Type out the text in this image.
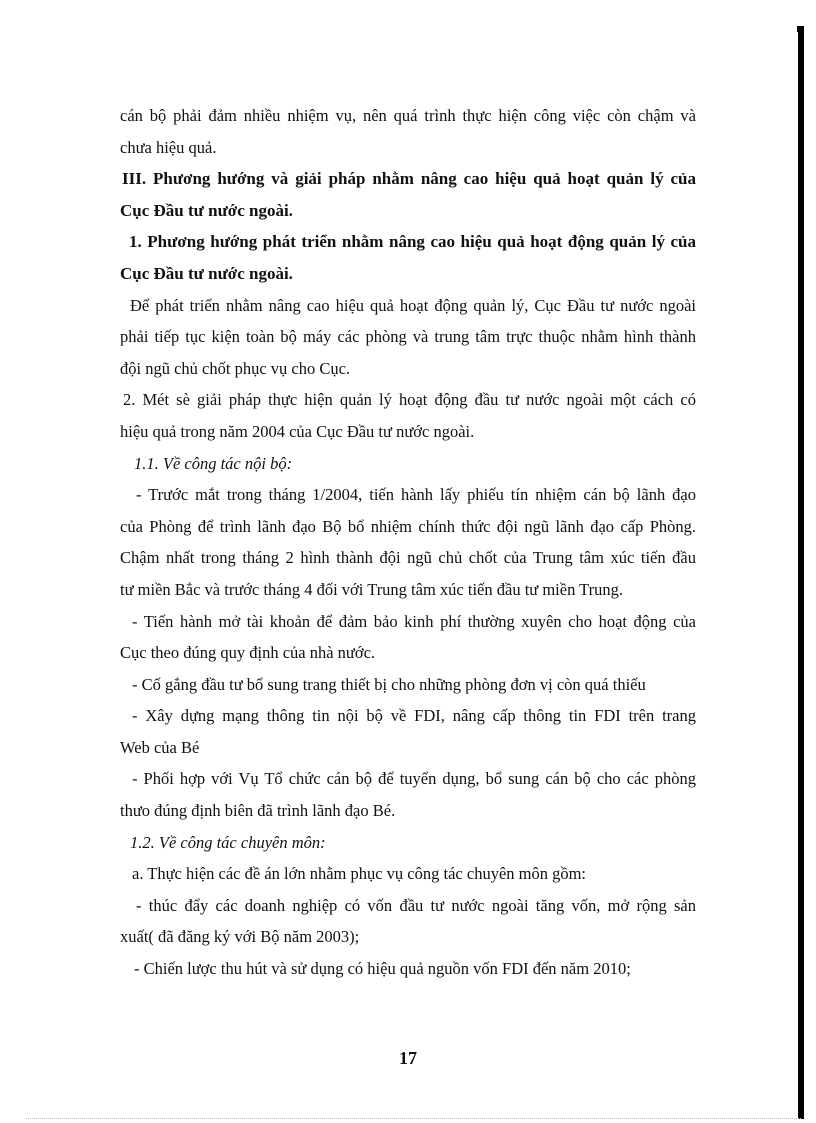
cán bộ phải đảm nhiều nhiệm vụ, nên quá trình thực hiện công việc còn chậm và
chưa hiệu quả.
III. Phương hướng và giải pháp nhằm nâng cao hiệu quả hoạt quản lý của
Cục Đầu tư nước ngoài.
1. Phương hướng phát triển nhằm nâng cao hiệu quả hoạt động quản lý của
Cục Đầu tư nước ngoài.
Để phát triển nhằm nâng cao hiệu quả hoạt động quản lý, Cục Đầu tư nước ngoài
phải tiếp tục kiện toàn bộ máy các phòng và trung tâm trực thuộc nhằm hình thành
đội ngũ chủ chốt phục vụ cho Cục.
2. Mét sè giải pháp thực hiện quản lý hoạt động đầu tư nước ngoài một cách có
hiệu quả trong năm 2004 của Cục Đầu tư nước ngoài.
1.1. Về công tác nội bộ:
- Trước mắt trong tháng 1/2004, tiến hành lấy phiếu tín nhiệm cán bộ lãnh đạo
của Phòng để trình lãnh đạo Bộ bổ nhiệm chính thức đội ngũ lãnh đạo cấp Phòng.
Chậm nhất trong tháng 2 hình thành đội ngũ chủ chốt của Trung tâm xúc tiến đầu
tư miền Bắc và trước tháng 4 đối với Trung tâm xúc tiến đầu tư miền Trung.
- Tiến hành mở tài khoản để đảm bảo kinh phí thường xuyên cho hoạt động của
Cục theo đúng quy định của nhà nước.
- Cố gắng đầu tư bổ sung trang thiết bị cho những phòng đơn vị còn quá thiếu
- Xây dựng mạng thông tin nội bộ về FDI, nâng cấp thông tin FDI trên trang
Web của Bé
- Phối hợp với Vụ Tổ chức cán bộ để tuyển dụng, bổ sung cán bộ cho các phòng
thưo đúng định biên đã trình lãnh đạo Bé.
1.2. Về công tác chuyên môn:
a. Thực hiện các đề án lớn nhằm phục vụ công tác chuyên môn gồm:
- thúc đẩy các doanh nghiệp có vốn đầu tư nước ngoài tăng vốn, mở rộng sản
xuất( đã đăng ký với Bộ năm 2003);
- Chiến lược thu hút và sử dụng có hiệu quả nguồn vốn FDI đến năm 2010;
17
